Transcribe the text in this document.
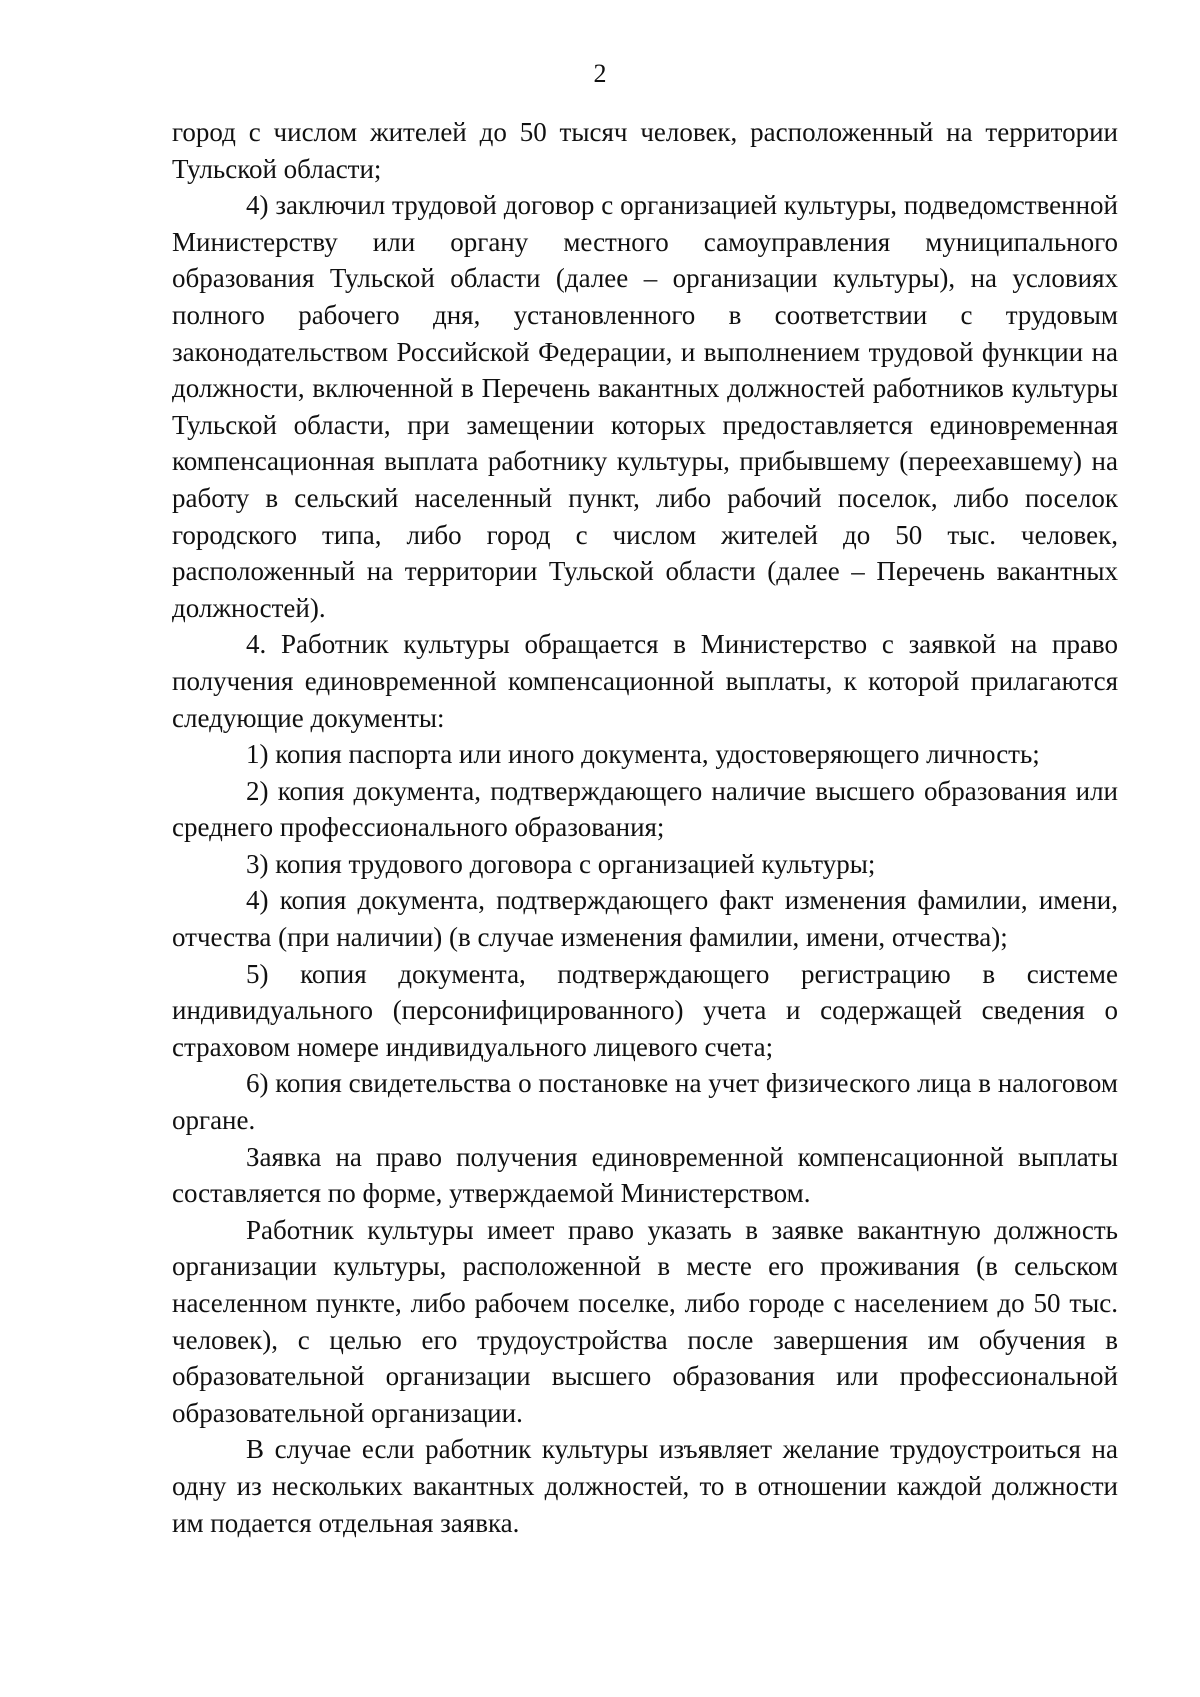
2

город с числом жителей до 50 тысяч человек, расположенный на территории Тульской области;

4) заключил трудовой договор с организацией культуры, подведомственной Министерству или органу местного самоуправления муниципального образования Тульской области (далее – организации культуры), на условиях полного рабочего дня, установленного в соответствии с трудовым законодательством Российской Федерации, и выполнением трудовой функции на должности, включенной в Перечень вакантных должностей работников культуры Тульской области, при замещении которых предоставляется единовременная компенсационная выплата работнику культуры, прибывшему (переехавшему) на работу в сельский населенный пункт, либо рабочий поселок, либо поселок городского типа, либо город с числом жителей до 50 тыс. человек, расположенный на территории Тульской области (далее – Перечень вакантных должностей).

4. Работник культуры обращается в Министерство с заявкой на право получения единовременной компенсационной выплаты, к которой прилагаются следующие документы:

1) копия паспорта или иного документа, удостоверяющего личность;

2) копия документа, подтверждающего наличие высшего образования или среднего профессионального образования;

3) копия трудового договора с организацией культуры;

4) копия документа, подтверждающего факт изменения фамилии, имени, отчества (при наличии) (в случае изменения фамилии, имени, отчества);

5) копия документа, подтверждающего регистрацию в системе индивидуального (персонифицированного) учета и содержащей сведения о страховом номере индивидуального лицевого счета;

6) копия свидетельства о постановке на учет физического лица в налоговом органе.

Заявка на право получения единовременной компенсационной выплаты составляется по форме, утверждаемой Министерством.

Работник культуры имеет право указать в заявке вакантную должность организации культуры, расположенной в месте его проживания (в сельском населенном пункте, либо рабочем поселке, либо городе с населением до 50 тыс. человек), с целью его трудоустройства после завершения им обучения в образовательной организации высшего образования или профессиональной образовательной организации.

В случае если работник культуры изъявляет желание трудоустроиться на одну из нескольких вакантных должностей, то в отношении каждой должности им подается отдельная заявка.
